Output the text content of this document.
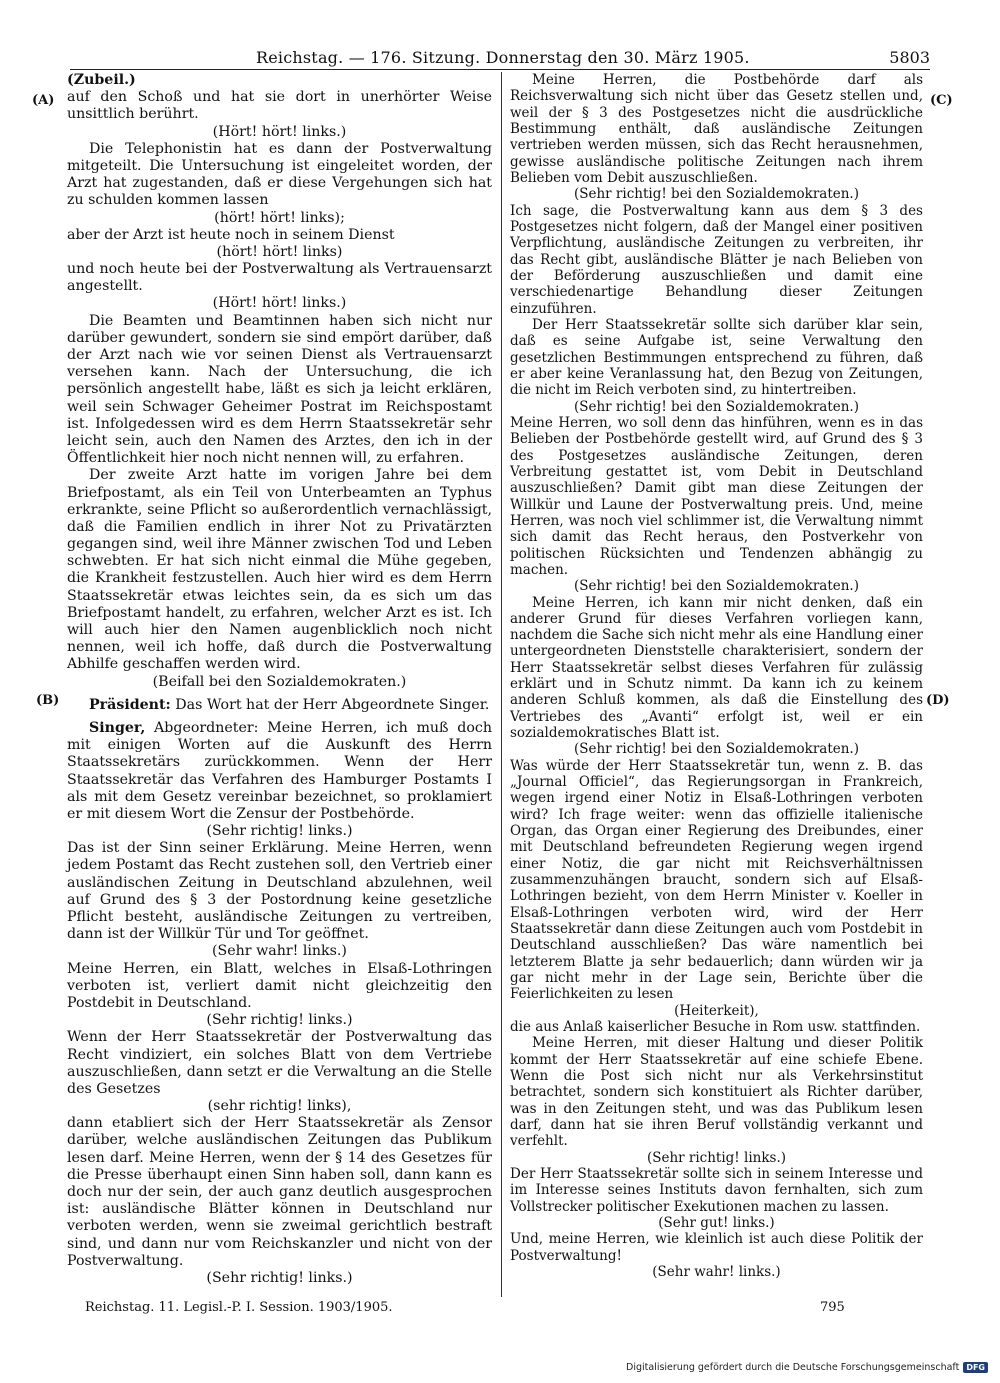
Reichstag. — 176. Sitzung. Donnerstag den 30. März 1905.	5803
(A)
(B)
(C)
(D)

(Zubeil.)

auf den Schoß und hat sie dort in unerhörter Weise unsittlich berührt.

(Hört! hört! links.)

Die Telephonistin hat es dann der Postverwaltung mitgeteilt. Die Untersuchung ist eingeleitet worden, der Arzt hat zugestanden, daß er diese Vergehungen sich hat zu schulden kommen lassen

(hört! hört! links);

aber der Arzt ist heute noch in seinem Dienst

(hört! hört! links)

und noch heute bei der Postverwaltung als Vertrauensarzt angestellt.

(Hört! hört! links.)

Die Beamten und Beamtinnen haben sich nicht nur darüber gewundert, sondern sie sind empört darüber, daß der Arzt nach wie vor seinen Dienst als Vertrauensarzt versehen kann. Nach der Untersuchung, die ich persönlich angestellt habe, läßt es sich ja leicht erklären, weil sein Schwager Geheimer Postrat im Reichspostamt ist. Infolgedessen wird es dem Herrn Staatssekretär sehr leicht sein, auch den Namen des Arztes, den ich in der Öffentlichkeit hier noch nicht nennen will, zu erfahren.

Der zweite Arzt hatte im vorigen Jahre bei dem Briefpostamt, als ein Teil von Unterbeamten an Typhus erkrankte, seine Pflicht so außerordentlich vernachlässigt, daß die Familien endlich in ihrer Not zu Privatärzten gegangen sind, weil ihre Männer zwischen Tod und Leben schwebten. Er hat sich nicht einmal die Mühe gegeben, die Krankheit festzustellen. Auch hier wird es dem Herrn Staatssekretär etwas leichtes sein, da es sich um das Briefpostamt handelt, zu erfahren, welcher Arzt es ist. Ich will auch hier den Namen augenblicklich noch nicht nennen, weil ich hoffe, daß durch die Postverwaltung Abhilfe geschaffen werden wird.

(Beifall bei den Sozialdemokraten.)

Präsident: Das Wort hat der Herr Abgeordnete Singer.

Singer, Abgeordneter: Meine Herren, ich muß doch mit einigen Worten auf die Auskunft des Herrn Staatssekretärs zurückkommen. Wenn der Herr Staatssekretär das Verfahren des Hamburger Postamts I als mit dem Gesetz vereinbar bezeichnet, so proklamiert er mit diesem Wort die Zensur der Postbehörde.

(Sehr richtig! links.)

Das ist der Sinn seiner Erklärung. Meine Herren, wenn jedem Postamt das Recht zustehen soll, den Vertrieb einer ausländischen Zeitung in Deutschland abzulehnen, weil auf Grund des § 3 der Postordnung keine gesetzliche Pflicht besteht, ausländische Zeitungen zu vertreiben, dann ist der Willkür Tür und Tor geöffnet.

(Sehr wahr! links.)

Meine Herren, ein Blatt, welches in Elsaß-Lothringen verboten ist, verliert damit nicht gleichzeitig den Postdebit in Deutschland.

(Sehr richtig! links.)

Wenn der Herr Staatssekretär der Postverwaltung das Recht vindiziert, ein solches Blatt von dem Vertriebe auszuschließen, dann setzt er die Verwaltung an die Stelle des Gesetzes

(sehr richtig! links),

dann etabliert sich der Herr Staatssekretär als Zensor darüber, welche ausländischen Zeitungen das Publikum lesen darf. Meine Herren, wenn der § 14 des Gesetzes für die Presse überhaupt einen Sinn haben soll, dann kann es doch nur der sein, der auch ganz deutlich ausgesprochen ist: ausländische Blätter können in Deutschland nur verboten werden, wenn sie zweimal gerichtlich bestraft sind, und dann nur vom Reichskanzler und nicht von der Postverwaltung.

(Sehr richtig! links.)

Meine Herren, die Postbehörde darf als Reichsverwaltung sich nicht über das Gesetz stellen und, weil der § 3 des Postgesetzes nicht die ausdrückliche Bestimmung enthält, daß ausländische Zeitungen vertrieben werden müssen, sich das Recht herausnehmen, gewisse ausländische politische Zeitungen nach ihrem Belieben vom Debit auszuschließen.

(Sehr richtig! bei den Sozialdemokraten.)

Ich sage, die Postverwaltung kann aus dem § 3 des Postgesetzes nicht folgern, daß der Mangel einer positiven Verpflichtung, ausländische Zeitungen zu verbreiten, ihr das Recht gibt, ausländische Blätter je nach Belieben von der Beförderung auszuschließen und damit eine verschiedenartige Behandlung dieser Zeitungen einzuführen.

Der Herr Staatssekretär sollte sich darüber klar sein, daß es seine Aufgabe ist, seine Verwaltung den gesetzlichen Bestimmungen entsprechend zu führen, daß er aber keine Veranlassung hat, den Bezug von Zeitungen, die nicht im Reich verboten sind, zu hintertreiben.

(Sehr richtig! bei den Sozialdemokraten.)

Meine Herren, wo soll denn das hinführen, wenn es in das Belieben der Postbehörde gestellt wird, auf Grund des § 3 des Postgesetzes ausländische Zeitungen, deren Verbreitung gestattet ist, vom Debit in Deutschland auszuschließen? Damit gibt man diese Zeitungen der Willkür und Laune der Postverwaltung preis. Und, meine Herren, was noch viel schlimmer ist, die Verwaltung nimmt sich damit das Recht heraus, den Postverkehr von politischen Rücksichten und Tendenzen abhängig zu machen.

(Sehr richtig! bei den Sozialdemokraten.)

Meine Herren, ich kann mir nicht denken, daß ein anderer Grund für dieses Verfahren vorliegen kann, nachdem die Sache sich nicht mehr als eine Handlung einer untergeordneten Dienststelle charakterisiert, sondern der Herr Staatssekretär selbst dieses Verfahren für zulässig erklärt und in Schutz nimmt. Da kann ich zu keinem anderen Schluß kommen, als daß die Einstellung des Vertriebes des „Avanti“ erfolgt ist, weil er ein sozialdemokratisches Blatt ist.

(Sehr richtig! bei den Sozialdemokraten.)

Was würde der Herr Staatssekretär tun, wenn z. B. das „Journal Officiel“, das Regierungsorgan in Frankreich, wegen irgend einer Notiz in Elsaß-Lothringen verboten wird? Ich frage weiter: wenn das offizielle italienische Organ, das Organ einer Regierung des Dreibundes, einer mit Deutschland befreundeten Regierung wegen irgend einer Notiz, die gar nicht mit Reichsverhältnissen zusammenzuhängen braucht, sondern sich auf Elsaß-Lothringen bezieht, von dem Herrn Minister v. Koeller in Elsaß-Lothringen verboten wird, wird der Herr Staatssekretär dann diese Zeitungen auch vom Postdebit in Deutschland ausschließen? Das wäre namentlich bei letzterem Blatte ja sehr bedauerlich; dann würden wir ja gar nicht mehr in der Lage sein, Berichte über die Feierlichkeiten zu lesen

(Heiterkeit),

die aus Anlaß kaiserlicher Besuche in Rom usw. stattfinden.

Meine Herren, mit dieser Haltung und dieser Politik kommt der Herr Staatssekretär auf eine schiefe Ebene. Wenn die Post sich nicht nur als Verkehrsinstitut betrachtet, sondern sich konstituiert als Richter darüber, was in den Zeitungen steht, und was das Publikum lesen darf, dann hat sie ihren Beruf vollständig verkannt und verfehlt.

(Sehr richtig! links.)

Der Herr Staatssekretär sollte sich in seinem Interesse und im Interesse seines Instituts davon fernhalten, sich zum Vollstrecker politischer Exekutionen machen zu lassen.

(Sehr gut! links.)

Und, meine Herren, wie kleinlich ist auch diese Politik der Postverwaltung!

(Sehr wahr! links.)

Reichstag. 11. Legisl.-P. I. Session. 1903/1905.	795
Digitalisierung gefördert durch die Deutsche Forschungsgemeinschaft DFG
